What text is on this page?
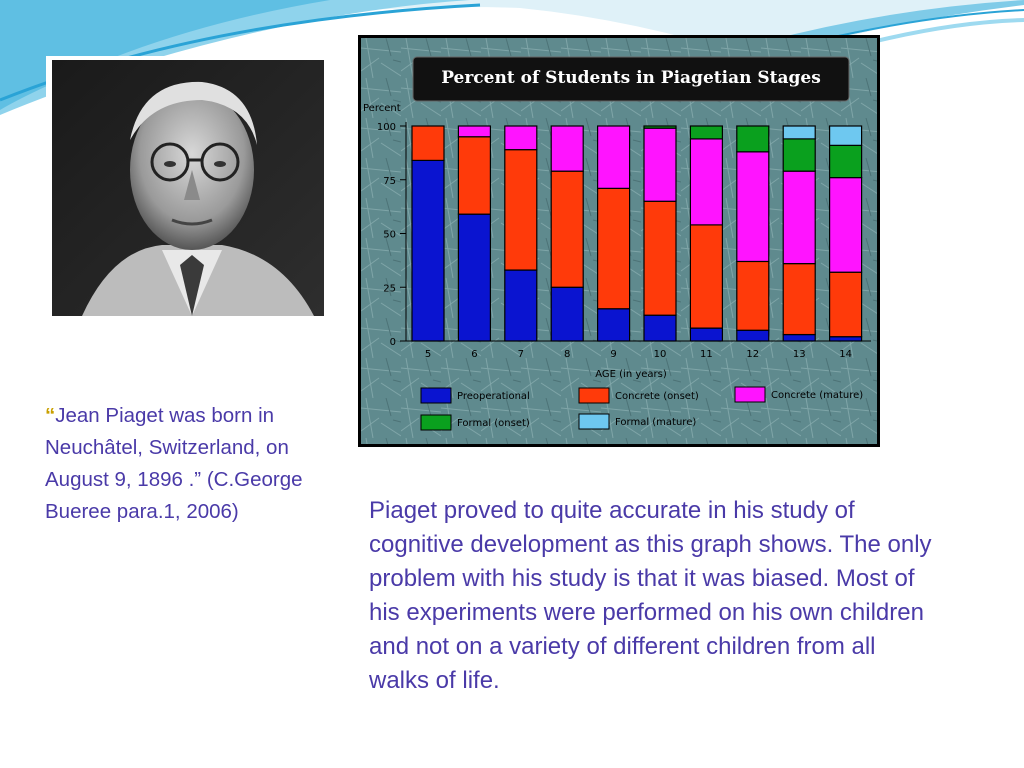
“Jean Piaget was born in Neuchâtel, Switzerland, on August 9, 1896 .” (C.George Bueree para.1, 2006)
Percent of Students in Piagetian Stages
Percent
0
25
50
75
100
5	6	7	8	9	10	11	12	13	14
AGE (in years)
Preoperational	Concrete (onset)	Concrete (mature)
Formal (onset)	Formal (mature)
Piaget proved to quite accurate in his study of cognitive development as this graph shows. The only problem with his study is that it was biased. Most of his experiments were performed on his own children and not on a variety of different children from all walks of life.
